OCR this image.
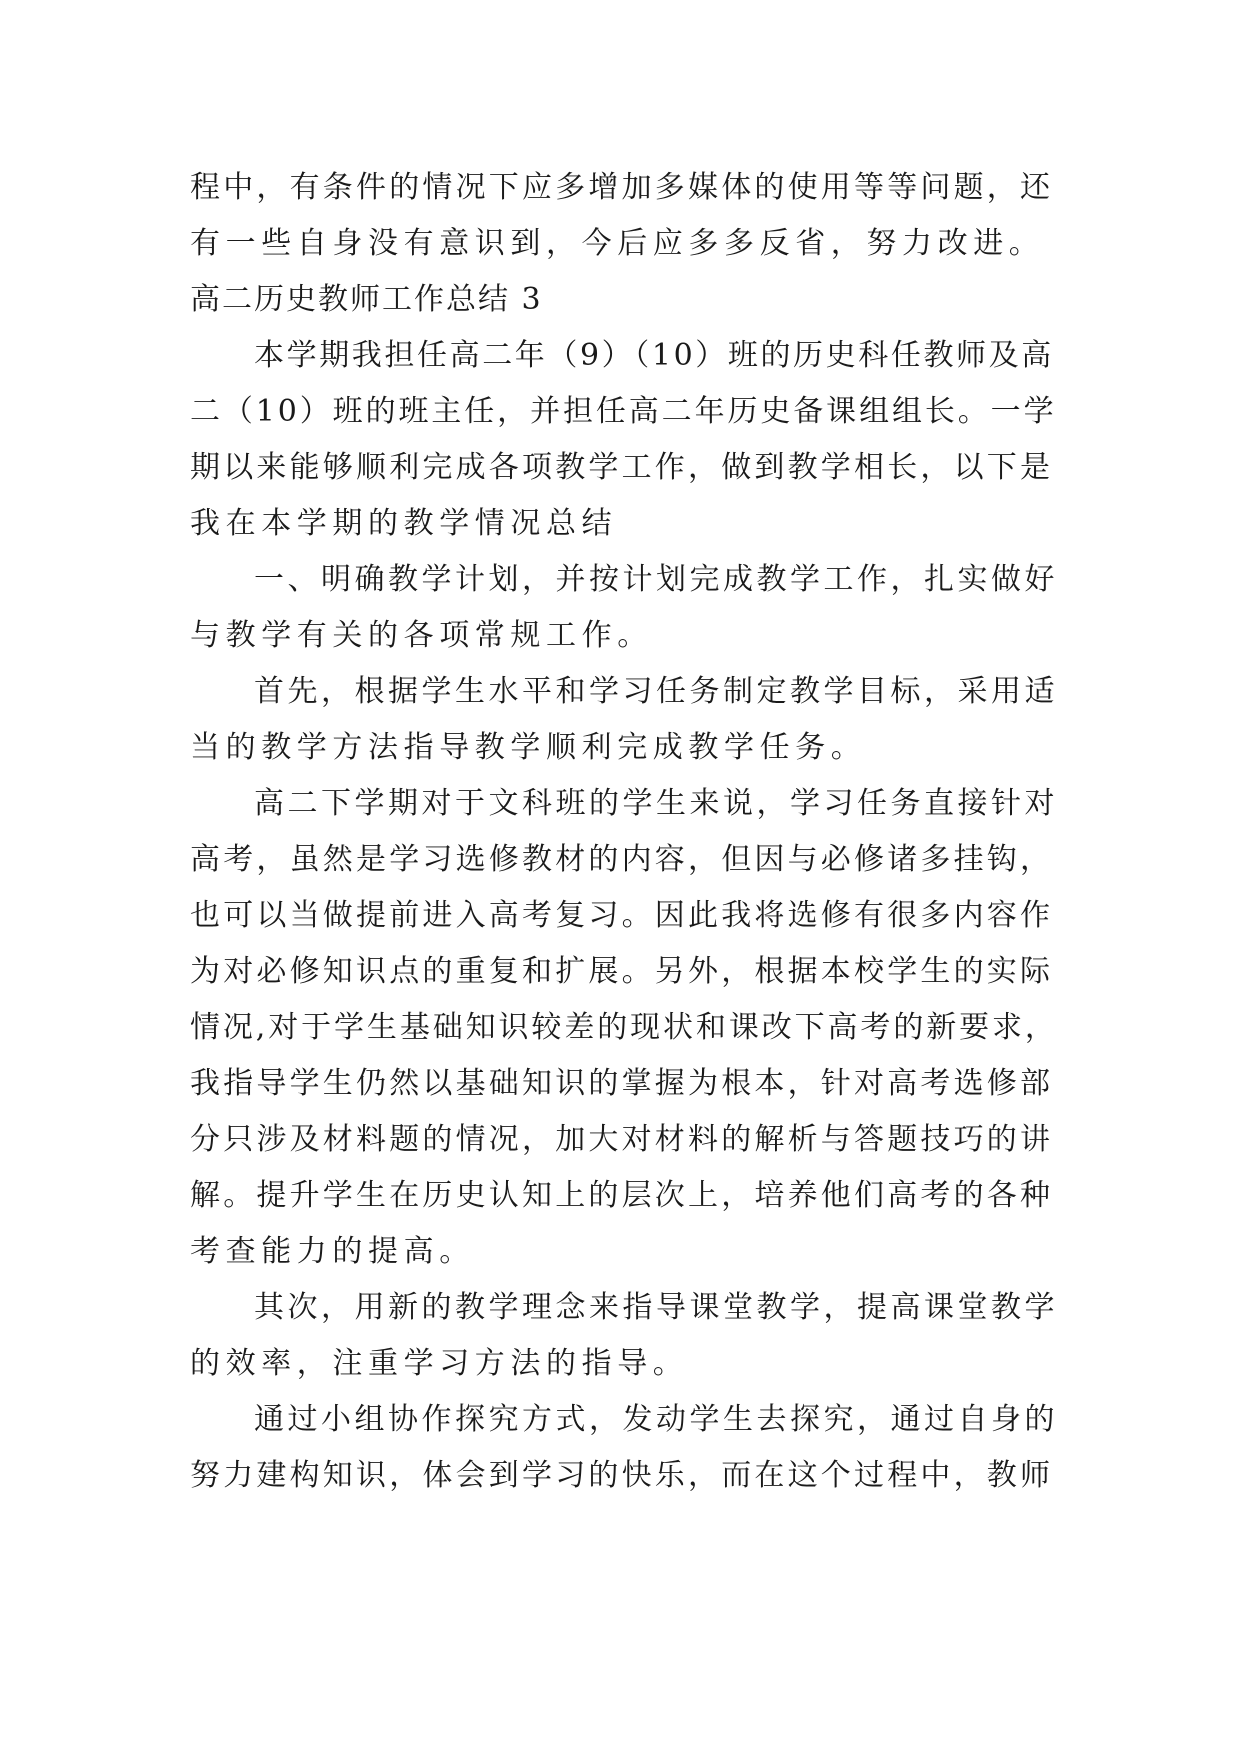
程中，有条件的情况下应多增加多媒体的使用等等问题，还
有一些自身没有意识到，今后应多多反省，努力改进。
高二历史教师工作总结 3
本学期我担任高二年（9）（10）班的历史科任教师及高
二（10）班的班主任，并担任高二年历史备课组组长。一学
期以来能够顺利完成各项教学工作，做到教学相长，以下是
我在本学期的教学情况总结
一、明确教学计划，并按计划完成教学工作，扎实做好
与教学有关的各项常规工作。
首先，根据学生水平和学习任务制定教学目标，采用适
当的教学方法指导教学顺利完成教学任务。
高二下学期对于文科班的学生来说，学习任务直接针对
高考，虽然是学习选修教材的内容，但因与必修诸多挂钩，
也可以当做提前进入高考复习。因此我将选修有很多内容作
为对必修知识点的重复和扩展。另外，根据本校学生的实际
情况,对于学生基础知识较差的现状和课改下高考的新要求，
我指导学生仍然以基础知识的掌握为根本，针对高考选修部
分只涉及材料题的情况，加大对材料的解析与答题技巧的讲
解。提升学生在历史认知上的层次上，培养他们高考的各种
考查能力的提高。
其次，用新的教学理念来指导课堂教学，提高课堂教学
的效率，注重学习方法的指导。
通过小组协作探究方式，发动学生去探究，通过自身的
努力建构知识，体会到学习的快乐，而在这个过程中，教师
